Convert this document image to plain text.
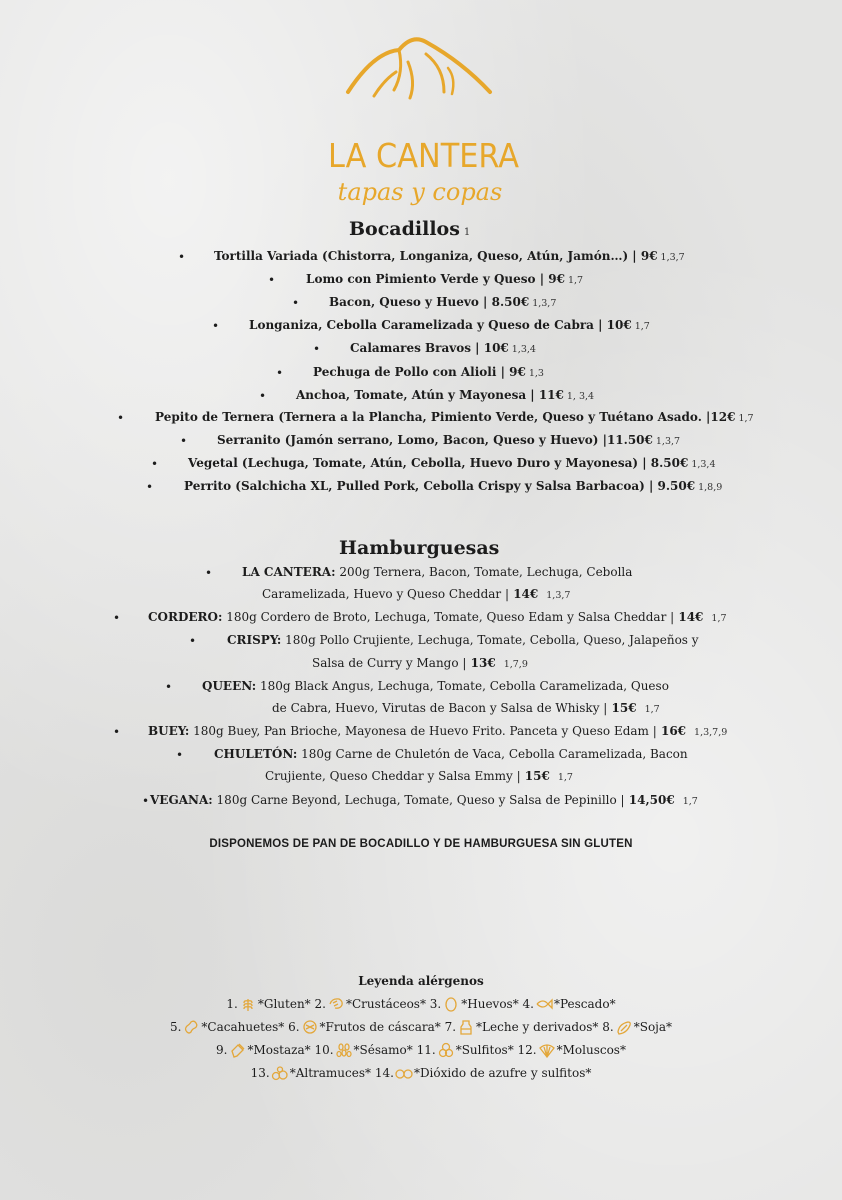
LA CANTERA
tapas y copas
Bocadillos 1
• Tortilla Variada (Chistorra, Longaniza, Queso, Atún, Jamón…) | 9€ 1,3,7
•	Lomo con Pimiento Verde y Queso | 9€ 1,7
• Bacon, Queso y Huevo | 8.50€ 1,3,7
• Longaniza, Cebolla Caramelizada y Queso de Cabra | 10€ 1,7
• Calamares Bravos | 10€ 1,3,4
• Pechuga de Pollo con Alioli | 9€ 1,3
• Anchoa, Tomate, Atún y Mayonesa | 11€ 1, 3,4
•	Pepito de Ternera (Ternera a la Plancha, Pimiento Verde, Queso y Tuétano Asado. |12€ 1,7
• Serranito (Jamón serrano, Lomo, Bacon, Queso y Huevo) |11.50€ 1,3,7
• Vegetal (Lechuga, Tomate, Atún, Cebolla, Huevo Duro y Mayonesa) | 8.50€ 1,3,4
•	Perrito (Salchicha XL, Pulled Pork, Cebolla Crispy y Salsa Barbacoa) | 9.50€ 1,8,9
Hamburguesas
• LA CANTERA: 200g Ternera, Bacon, Tomate, Lechuga, Cebolla
Caramelizada, Huevo y Queso Cheddar | 14€ 1,3,7
• CORDERO: 180g Cordero de Broto, Lechuga, Tomate, Queso Edam y Salsa Cheddar | 14€ 1,7
•	CRISPY: 180g Pollo Crujiente, Lechuga, Tomate, Cebolla, Queso, Jalapeños y
Salsa de Curry y Mango | 13€ 1,7,9
• QUEEN: 180g Black Angus, Lechuga, Tomate, Cebolla Caramelizada, Queso
de Cabra, Huevo, Virutas de Bacon y Salsa de Whisky | 15€ 1,7
• BUEY: 180g Buey, Pan Brioche, Mayonesa de Huevo Frito. Panceta y Queso Edam | 16€ 1,3,7,9
•	CHULETÓN: 180g Carne de Chuletón de Vaca, Cebolla Caramelizada, Bacon
Crujiente, Queso Cheddar y Salsa Emmy | 15€ 1,7
• VEGANA: 180g Carne Beyond, Lechuga, Tomate, Queso y Salsa de Pepinillo | 14,50€ 1,7
DISPONEMOS DE PAN DE BOCADILLO Y DE HAMBURGUESA SIN GLUTEN
Leyenda alérgenos
1. *Gluten* 2. *Crustáceos* 3. *Huevos* 4. *Pescado*
5. *Cacahuetes* 6. *Frutos de cáscara* 7. *Leche y derivados* 8. *Soja*
9. *Mostaza* 10. *Sésamo* 11. *Sulfitos* 12. *Moluscos*
13. *Altramuces* 14. *Dióxido de azufre y sulfitos*
